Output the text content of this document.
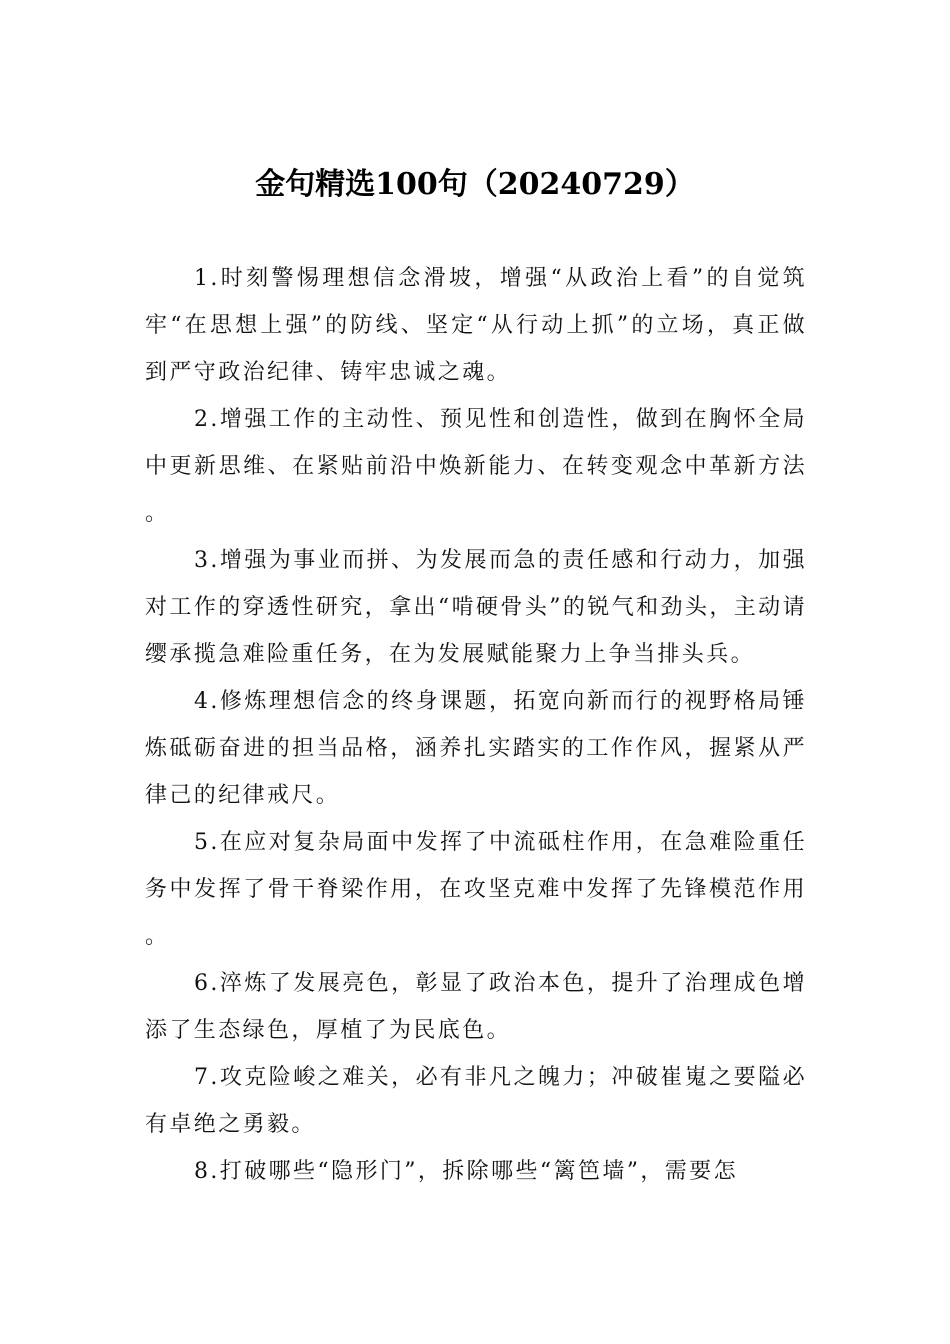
金句精选100句（20240729）

1.时刻警惕理想信念滑坡，增强“从政治上看”的自觉筑牢“在思想上强”的防线、坚定“从行动上抓”的立场，真正做到严守政治纪律、铸牢忠诚之魂。

2.增强工作的主动性、预见性和创造性，做到在胸怀全局中更新思维、在紧贴前沿中焕新能力、在转变观念中革新方法。

3.增强为事业而拼、为发展而急的责任感和行动力，加强对工作的穿透性研究，拿出“啃硬骨头”的锐气和劲头，主动请缨承揽急难险重任务，在为发展赋能聚力上争当排头兵。

4.修炼理想信念的终身课题，拓宽向新而行的视野格局锤炼砥砺奋进的担当品格，涵养扎实踏实的工作作风，握紧从严律己的纪律戒尺。

5.在应对复杂局面中发挥了中流砥柱作用，在急难险重任务中发挥了骨干脊梁作用，在攻坚克难中发挥了先锋模范作用。

6.淬炼了发展亮色，彰显了政治本色，提升了治理成色增添了生态绿色，厚植了为民底色。

7.攻克险峻之难关，必有非凡之魄力；冲破崔嵬之要隘必有卓绝之勇毅。

8.打破哪些“隐形门”，拆除哪些“篱笆墙”，需要怎
